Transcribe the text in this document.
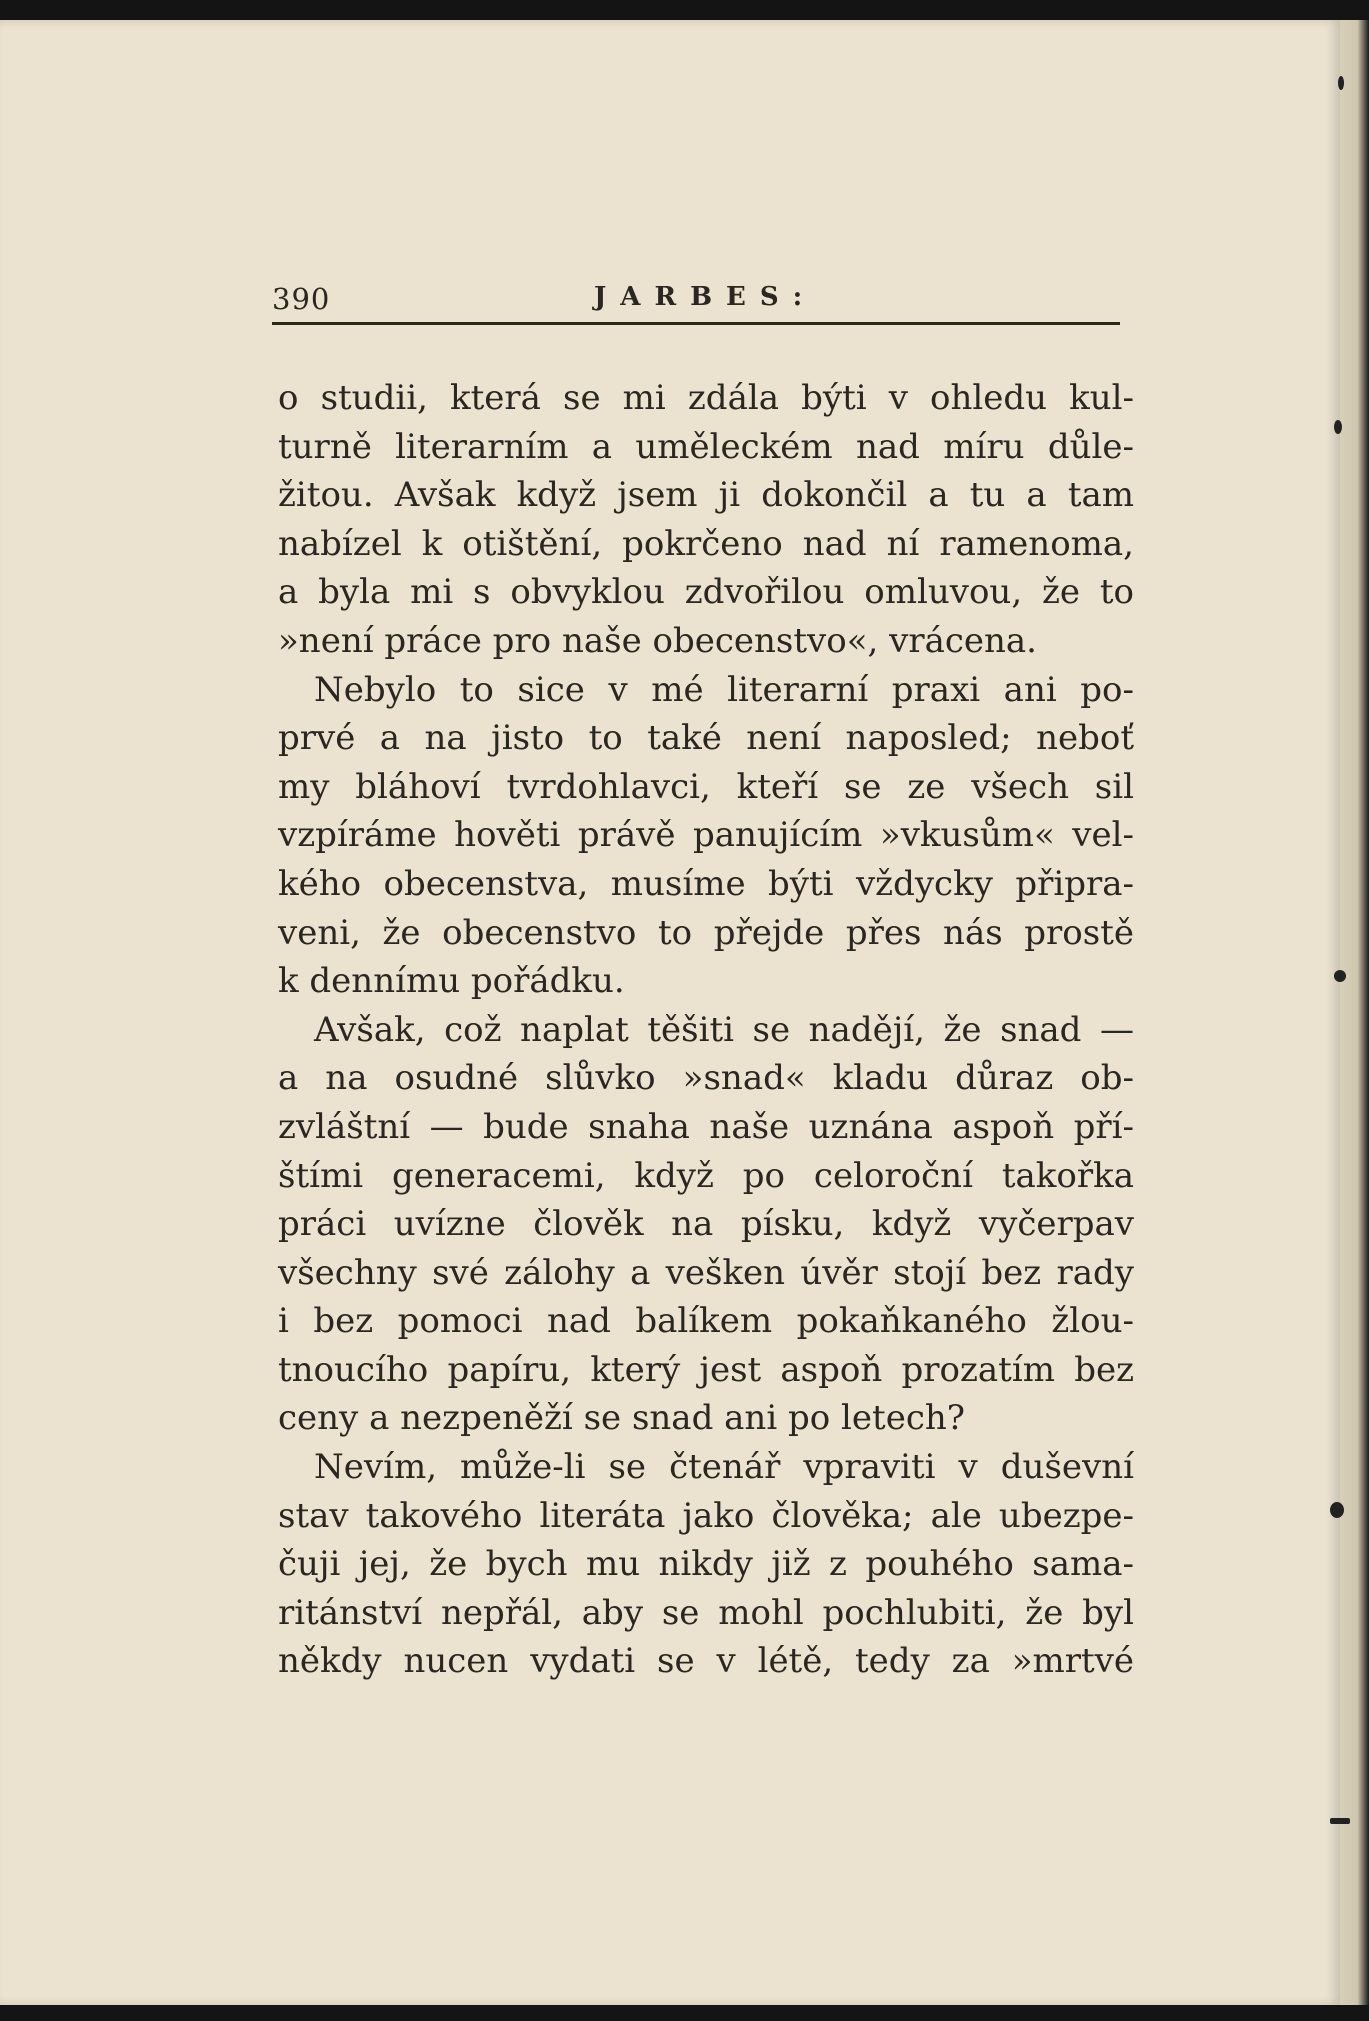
390	JARBES:
o studii, která se mi zdála býti v ohledu kul-
turně literarním a uměleckém nad míru důle-
žitou. Avšak když jsem ji dokončil a tu a tam
nabízel k otištění, pokrčeno nad ní ramenoma,
a byla mi s obvyklou zdvořilou omluvou, že to
»není práce pro naše obecenstvo«, vrácena.
Nebylo to sice v mé literarní praxi ani po-
prvé a na jisto to také není naposled; neboť
my bláhoví tvrdohlavci, kteří se ze všech sil
vzpíráme hověti právě panujícím »vkusům« vel-
kého obecenstva, musíme býti vždycky připra-
veni, že obecenstvo to přejde přes nás prostě
k dennímu pořádku.
Avšak, což naplat těšiti se nadějí, že snad —
a na osudné slůvko »snad« kladu důraz ob-
zvláštní — bude snaha naše uznána aspoň pří-
štími generacemi, když po celoroční takořka
práci uvízne člověk na písku, když vyčerpav
všechny své zálohy a vešken úvěr stojí bez rady
i bez pomoci nad balíkem pokaňkaného žlou-
tnoucího papíru, který jest aspoň prozatím bez
ceny a nezpeněží se snad ani po letech?
Nevím, může-li se čtenář vpraviti v duševní
stav takového literáta jako člověka; ale ubezpe-
čuji jej, že bych mu nikdy již z pouhého sama-
ritánství nepřál, aby se mohl pochlubiti, že byl
někdy nucen vydati se v létě, tedy za »mrtvé
